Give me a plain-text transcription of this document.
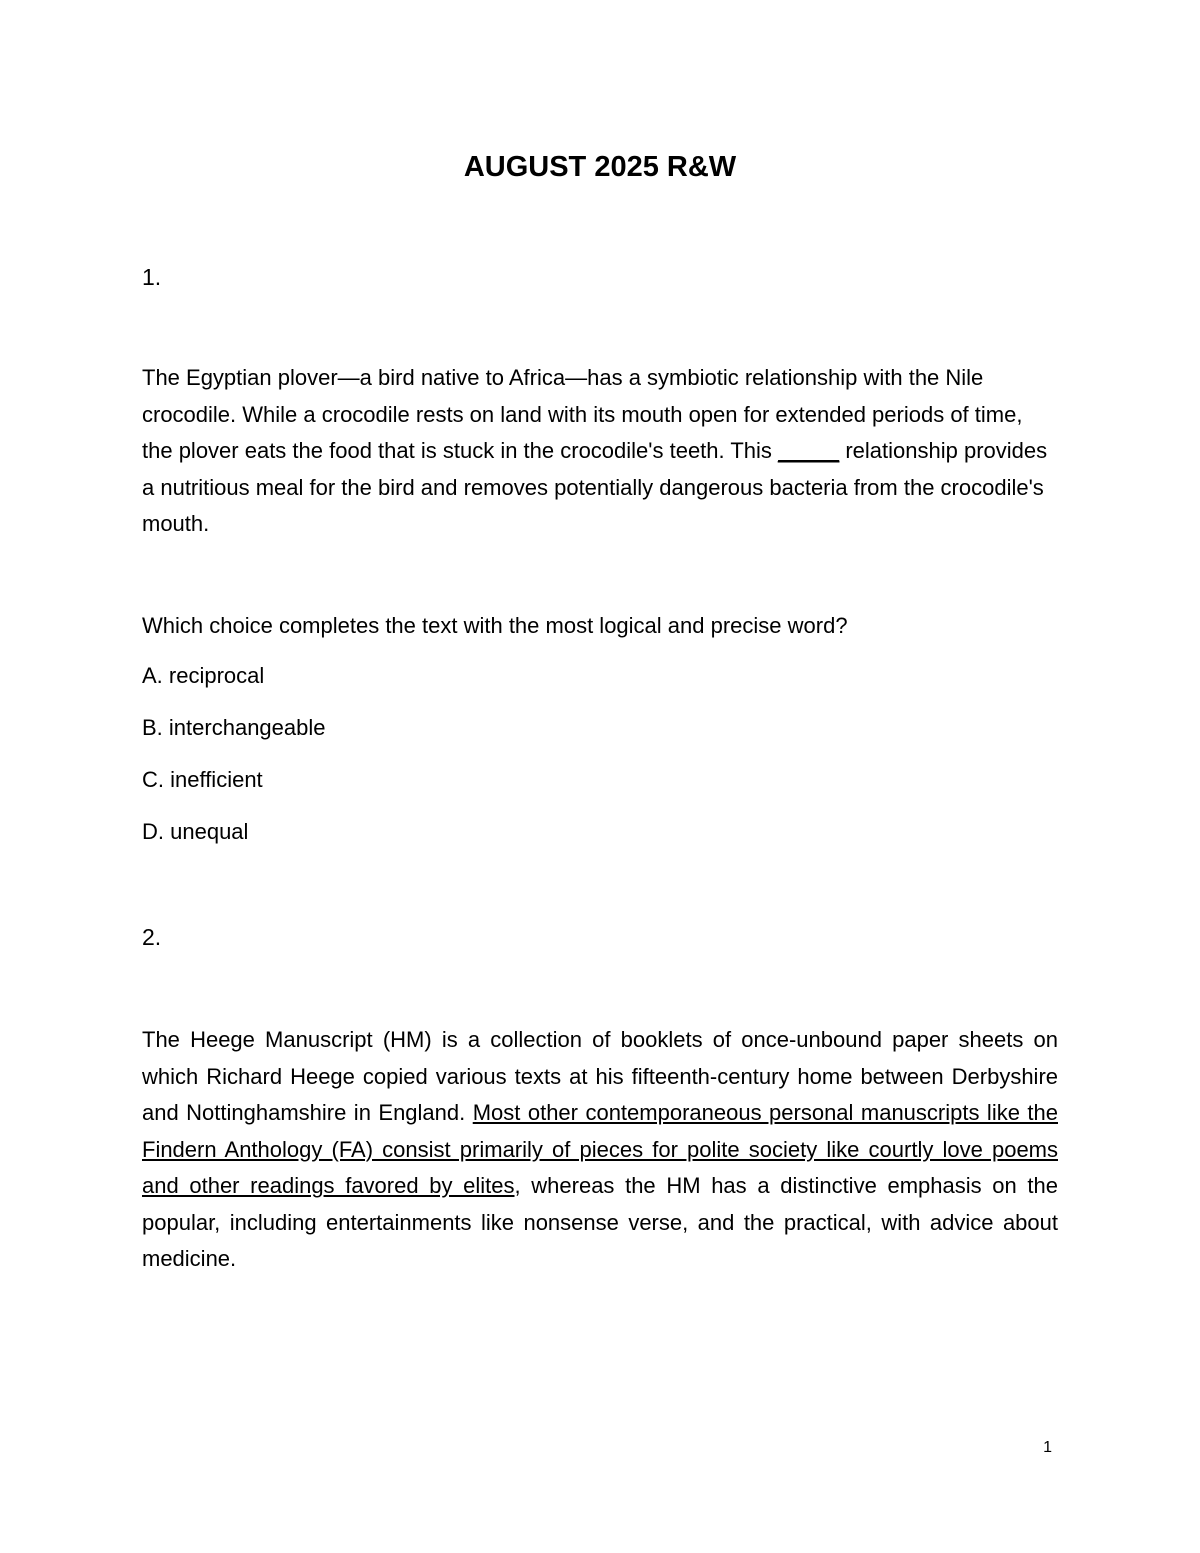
AUGUST 2025 R&W
1.

The Egyptian plover—a bird native to Africa—has a symbiotic relationship with the Nile crocodile. While a crocodile rests on land with its mouth open for extended periods of time, the plover eats the food that is stuck in the crocodile's teeth. This _____ relationship provides a nutritious meal for the bird and removes potentially dangerous bacteria from the crocodile's mouth.

Which choice completes the text with the most logical and precise word?
A. reciprocal
B. interchangeable
C. inefficient
D. unequal
2.

The Heege Manuscript (HM) is a collection of booklets of once-unbound paper sheets on which Richard Heege copied various texts at his fifteenth-century home between Derbyshire and Nottinghamshire in England. Most other contemporaneous personal manuscripts like the Findern Anthology (FA) consist primarily of pieces for polite society like courtly love poems and other readings favored by elites, whereas the HM has a distinctive emphasis on the popular, including entertainments like nonsense verse, and the practical, with advice about medicine.

1
